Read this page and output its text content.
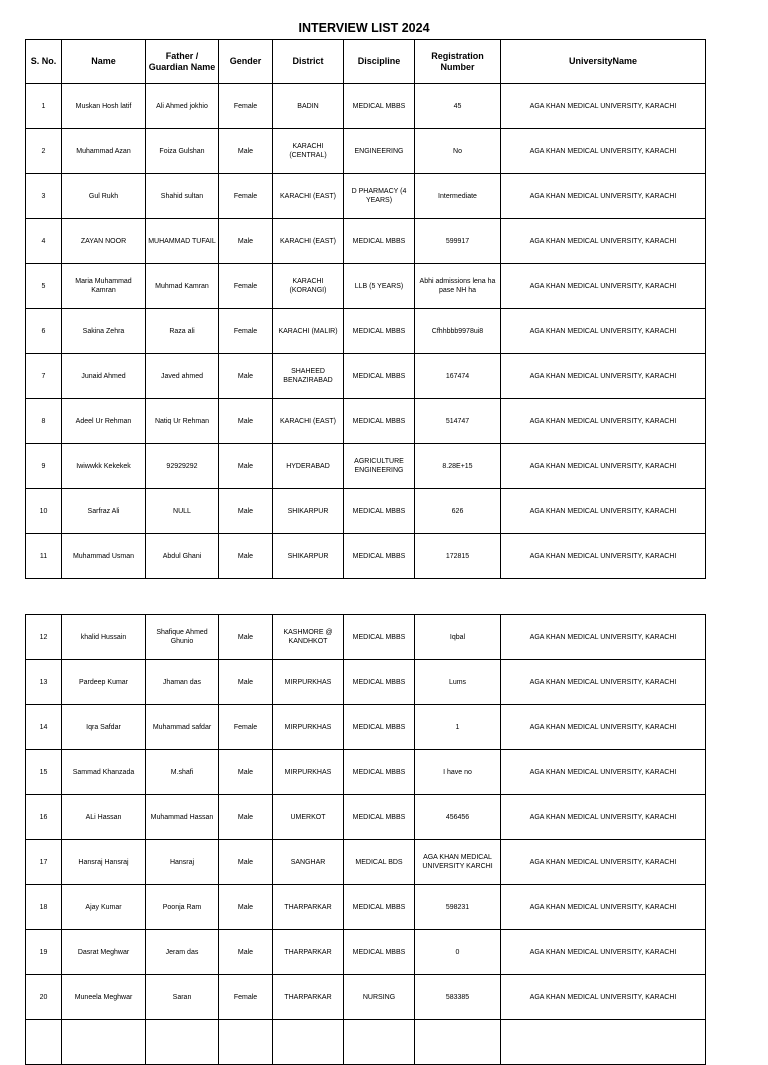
INTERVIEW LIST 2024
S. No.	Name	Father / Guardian Name	Gender	District	Discipline	Registration Number	UniversityName
1	Muskan Hosh latif	Ali Ahmed jokhio	Female	BADIN	MEDICAL MBBS	45	AGA KHAN MEDICAL UNIVERSITY, KARACHI
2	Muhammad Azan	Foiza Gulshan	Male	KARACHI (CENTRAL)	ENGINEERING	No	AGA KHAN MEDICAL UNIVERSITY, KARACHI
3	Gul Rukh	Shahid sultan	Female	KARACHI (EAST)	D PHARMACY (4 YEARS)	Intermediate	AGA KHAN MEDICAL UNIVERSITY, KARACHI
4	ZAYAN NOOR	MUHAMMAD TUFAIL	Male	KARACHI (EAST)	MEDICAL MBBS	599917	AGA KHAN MEDICAL UNIVERSITY, KARACHI
5	Maria Muhammad Kamran	Muhmad Kamran	Female	KARACHI (KORANGI)	LLB (5 YEARS)	Abhi admissions lena ha pase NH ha	AGA KHAN MEDICAL UNIVERSITY, KARACHI
6	Sakina Zehra	Raza ali	Female	KARACHI (MALIR)	MEDICAL MBBS	Cfhhbbb9978ui8	AGA KHAN MEDICAL UNIVERSITY, KARACHI
7	Junaid Ahmed	Javed ahmed	Male	SHAHEED BENAZIRABAD	MEDICAL MBBS	167474	AGA KHAN MEDICAL UNIVERSITY, KARACHI
8	Adeel Ur Rehman	Natiq Ur Rehman	Male	KARACHI (EAST)	MEDICAL MBBS	514747	AGA KHAN MEDICAL UNIVERSITY, KARACHI
9	Iwiwwkk Kekekek	92929292	Male	HYDERABAD	AGRICULTURE ENGINEERING	8.28E+15	AGA KHAN MEDICAL UNIVERSITY, KARACHI
10	Sarfraz Ali	NULL	Male	SHIKARPUR	MEDICAL MBBS	626	AGA KHAN MEDICAL UNIVERSITY, KARACHI
11	Muhammad Usman	Abdul Ghani	Male	SHIKARPUR	MEDICAL MBBS	172815	AGA KHAN MEDICAL UNIVERSITY, KARACHI
12	khalid Hussain	Shafique Ahmed Ghunio	Male	KASHMORE @ KANDHKOT	MEDICAL MBBS	Iqbal	AGA KHAN MEDICAL UNIVERSITY, KARACHI
13	Pardeep Kumar	Jhaman das	Male	MIRPURKHAS	MEDICAL MBBS	Lums	AGA KHAN MEDICAL UNIVERSITY, KARACHI
14	Iqra Safdar	Muhammad safdar	Female	MIRPURKHAS	MEDICAL MBBS	1	AGA KHAN MEDICAL UNIVERSITY, KARACHI
15	Sammad Khanzada	M.shafi	Male	MIRPURKHAS	MEDICAL MBBS	I have no	AGA KHAN MEDICAL UNIVERSITY, KARACHI
16	ALi Hassan	Muhammad Hassan	Male	UMERKOT	MEDICAL MBBS	456456	AGA KHAN MEDICAL UNIVERSITY, KARACHI
17	Hansraj Hansraj	Hansraj	Male	SANGHAR	MEDICAL BDS	AGA KHAN MEDICAL UNIVERSITY KARCHI	AGA KHAN MEDICAL UNIVERSITY, KARACHI
18	Ajay Kumar	Poonja Ram	Male	THARPARKAR	MEDICAL MBBS	598231	AGA KHAN MEDICAL UNIVERSITY, KARACHI
19	Dasrat Meghwar	Jeram das	Male	THARPARKAR	MEDICAL MBBS	0	AGA KHAN MEDICAL UNIVERSITY, KARACHI
20	Muneela Meghwar	Saran	Female	THARPARKAR	NURSING	583385	AGA KHAN MEDICAL UNIVERSITY, KARACHI
